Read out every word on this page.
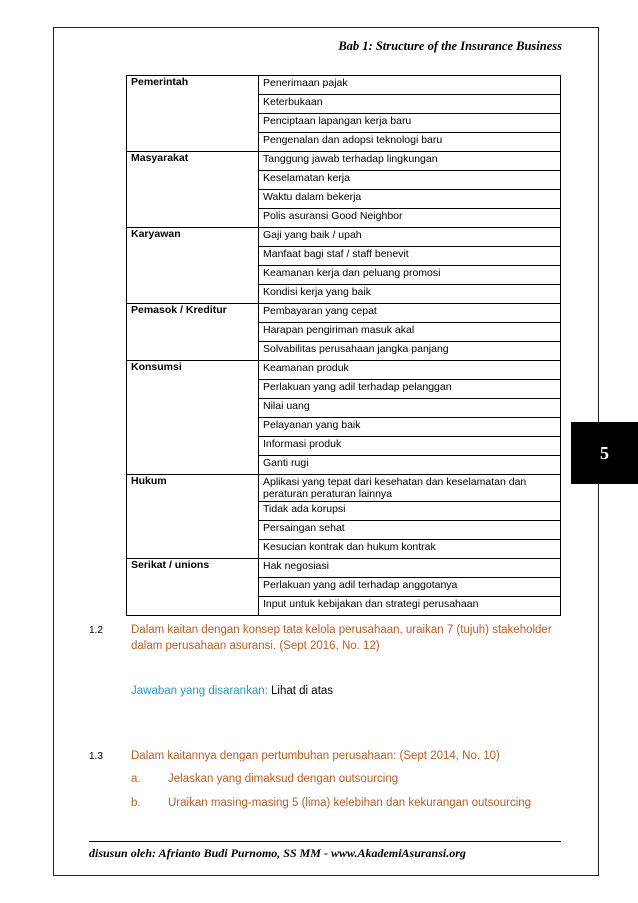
Bab 1: Structure of the Insurance Business
5
Pemerintah	Penerimaan pajak
	Keterbukaan
	Penciptaan lapangan kerja baru
	Pengenalan dan adopsi teknologi baru
Masyarakat	Tanggung jawab terhadap lingkungan
	Keselamatan kerja
	Waktu dalam bekerja
	Polis asuransi Good Neighbor
Karyawan	Gaji yang baik / upah
	Manfaat bagi staf / staff benevit
	Keamanan kerja dan peluang promosi
	Kondisi kerja yang baik
Pemasok / Kreditur	Pembayaran yang cepat
	Harapan pengiriman masuk akal
	Solvabilitas perusahaan jangka panjang
Konsumsi	Keamanan produk
	Perlakuan yang adil terhadap pelanggan
	Nilai uang
	Pelayanan yang baik
	Informasi produk
	Ganti rugi
Hukum	Aplikasi yang tepat dari kesehatan dan keselamatan dan peraturan peraturan lainnya
	Tidak ada korupsi
	Persaingan sehat
	Kesucian kontrak dan hukum kontrak
Serikat / unions	Hak negosiasi
	Perlakuan yang adil terhadap anggotanya
	Input untuk kebijakan dan strategi perusahaan
1.2 Dalam kaitan dengan konsep tata kelola perusahaan, uraikan 7 (tujuh) stakeholder
dalam perusahaan asuransi. (Sept 2016, No. 12)
Jawaban yang disarankan: Lihat di atas
1.3 Dalam kaitannya dengan pertumbuhan perusahaan: (Sept 2014, No. 10)
a. Jelaskan yang dimaksud dengan outsourcing
b. Uraikan masing-masing 5 (lima) kelebihan dan kekurangan outsourcing
disusun oleh: Afrianto Budi Purnomo, SS MM - www.AkademiAsuransi.org
